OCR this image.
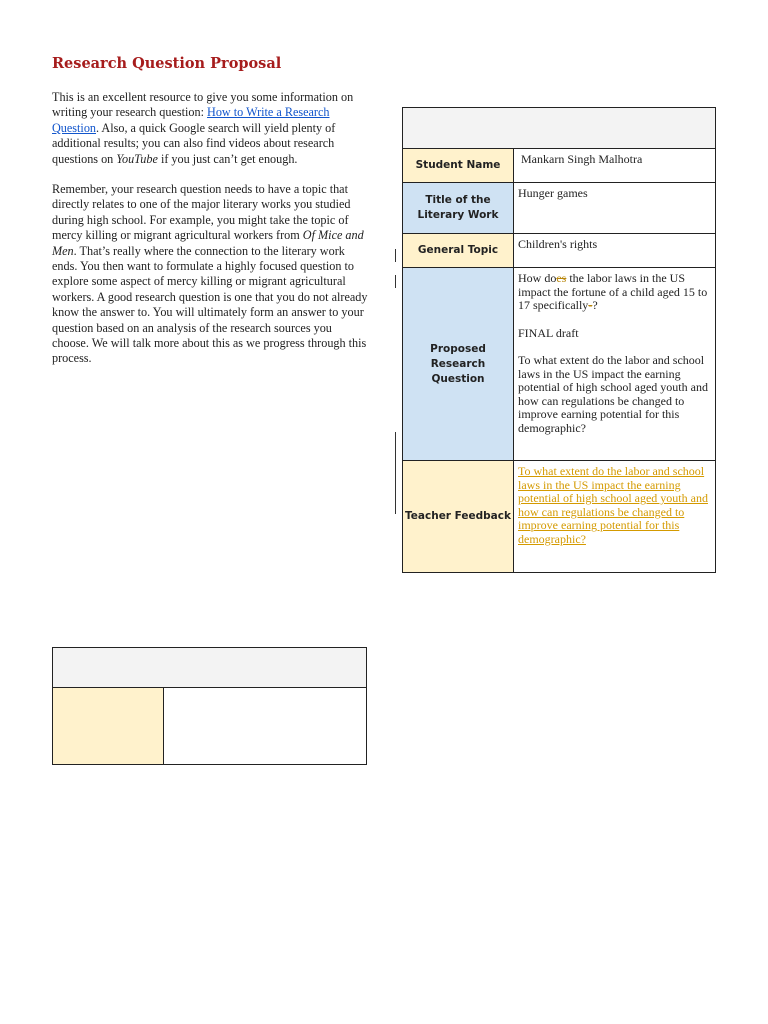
Research Question Proposal

This is an excellent resource to give you some information on writing your research question: How to Write a Research Question. Also, a quick Google search will yield plenty of additional results; you can also find videos about research questions on YouTube if you just can’t get enough.

Remember, your research question needs to have a topic that directly relates to one of the major literary works you studied during high school. For example, you might take the topic of mercy killing or migrant agricultural workers from Of Mice and Men. That’s really where the connection to the literary work ends. You then want to formulate a highly focused question to explore some aspect of mercy killing or migrant agricultural workers. A good research question is one that you do not already know the answer to. You will ultimately form an answer to your question based on an analysis of the research sources you choose. We will talk more about this as we progress through this process.

Student Name	Mankarn Singh Malhotra
Title of the Literary Work	Hunger games
General Topic	Children's rights
Proposed Research Question	How does the labor laws in the US impact the fortune of a child aged 15 to 17 specifically-?

FINAL draft

To what extent do the labor and school laws in the US impact the earning potential of high school aged youth and how can regulations be changed to improve earning potential for this demographic?

Teacher Feedback	To what extent do the labor and school laws in the US impact the earning potential of high school aged youth and how can regulations be changed to improve earning potential for this demographic?
